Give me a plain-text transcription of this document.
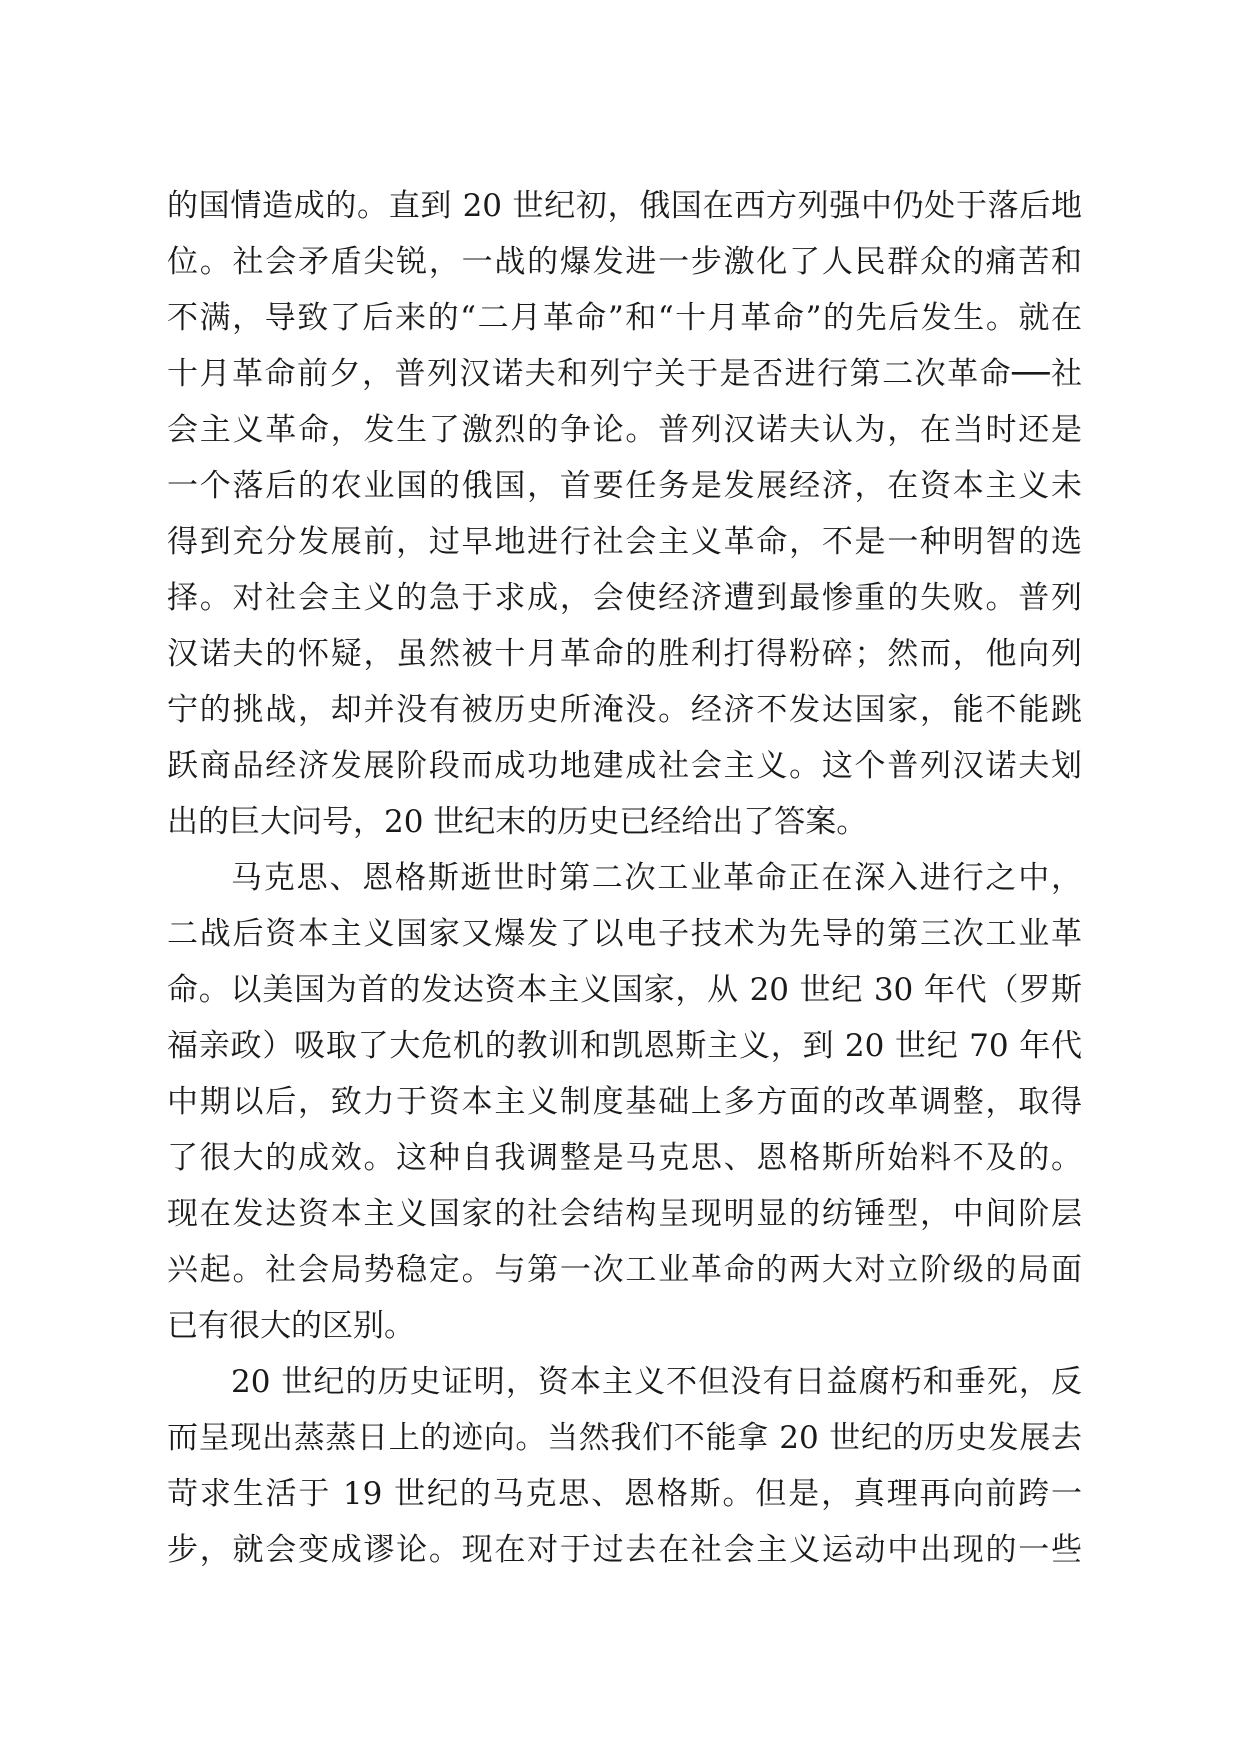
的国情造成的。直到 20 世纪初，俄国在西方列强中仍处于落后地
位。社会矛盾尖锐，一战的爆发进一步激化了人民群众的痛苦和
不满，导致了后来的“二月革命”和“十月革命”的先后发生。就在
十月革命前夕，普列汉诺夫和列宁关于是否进行第二次革命──社
会主义革命，发生了激烈的争论。普列汉诺夫认为，在当时还是
一个落后的农业国的俄国，首要任务是发展经济，在资本主义未
得到充分发展前，过早地进行社会主义革命，不是一种明智的选
择。对社会主义的急于求成，会使经济遭到最惨重的失败。普列
汉诺夫的怀疑，虽然被十月革命的胜利打得粉碎；然而，他向列
宁的挑战，却并没有被历史所淹没。经济不发达国家，能不能跳
跃商品经济发展阶段而成功地建成社会主义。这个普列汉诺夫划
出的巨大问号，20 世纪末的历史已经给出了答案。
马克思、恩格斯逝世时第二次工业革命正在深入进行之中，
二战后资本主义国家又爆发了以电子技术为先导的第三次工业革
命。以美国为首的发达资本主义国家，从 20 世纪 30 年代（罗斯
福亲政）吸取了大危机的教训和凯恩斯主义，到 20 世纪 70 年代
中期以后，致力于资本主义制度基础上多方面的改革调整，取得
了很大的成效。这种自我调整是马克思、恩格斯所始料不及的。
现在发达资本主义国家的社会结构呈现明显的纺锤型，中间阶层
兴起。社会局势稳定。与第一次工业革命的两大对立阶级的局面
已有很大的区别。
20 世纪的历史证明，资本主义不但没有日益腐朽和垂死，反
而呈现出蒸蒸日上的迹向。当然我们不能拿 20 世纪的历史发展去
苛求生活于 19 世纪的马克思、恩格斯。但是，真理再向前跨一
步，就会变成谬论。现在对于过去在社会主义运动中出现的一些
